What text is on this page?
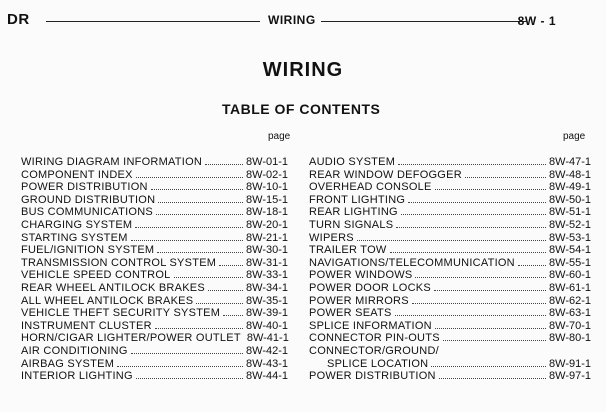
DR	WIRING	8W - 1
WIRING
TABLE OF CONTENTS
page	page
WIRING DIAGRAM INFORMATION	8W-01-1
COMPONENT INDEX	8W-02-1
POWER DISTRIBUTION	8W-10-1
GROUND DISTRIBUTION	8W-15-1
BUS COMMUNICATIONS	8W-18-1
CHARGING SYSTEM	8W-20-1
STARTING SYSTEM	8W-21-1
FUEL/IGNITION SYSTEM	8W-30-1
TRANSMISSION CONTROL SYSTEM	8W-31-1
VEHICLE SPEED CONTROL	8W-33-1
REAR WHEEL ANTILOCK BRAKES	8W-34-1
ALL WHEEL ANTILOCK BRAKES	8W-35-1
VEHICLE THEFT SECURITY SYSTEM 8W-39-1
INSTRUMENT CLUSTER	8W-40-1
HORN/CIGAR LIGHTER/POWER OUTLET 8W-41-1
AIR CONDITIONING	8W-42-1
AIRBAG SYSTEM	8W-43-1
INTERIOR LIGHTING	8W-44-1
AUDIO SYSTEM	8W-47-1
REAR WINDOW DEFOGGER	8W-48-1
OVERHEAD CONSOLE	8W-49-1
FRONT LIGHTING	8W-50-1
REAR LIGHTING	8W-51-1
TURN SIGNALS	8W-52-1
WIPERS	8W-53-1
TRAILER TOW	8W-54-1
NAVIGATIONS/TELECOMMUNICATION	8W-55-1
POWER WINDOWS	8W-60-1
POWER DOOR LOCKS	8W-61-1
POWER MIRRORS	8W-62-1
POWER SEATS	8W-63-1
SPLICE INFORMATION	8W-70-1
CONNECTOR PIN-OUTS	8W-80-1
CONNECTOR/GROUND/
SPLICE LOCATION	8W-91-1
POWER DISTRIBUTION	8W-97-1
